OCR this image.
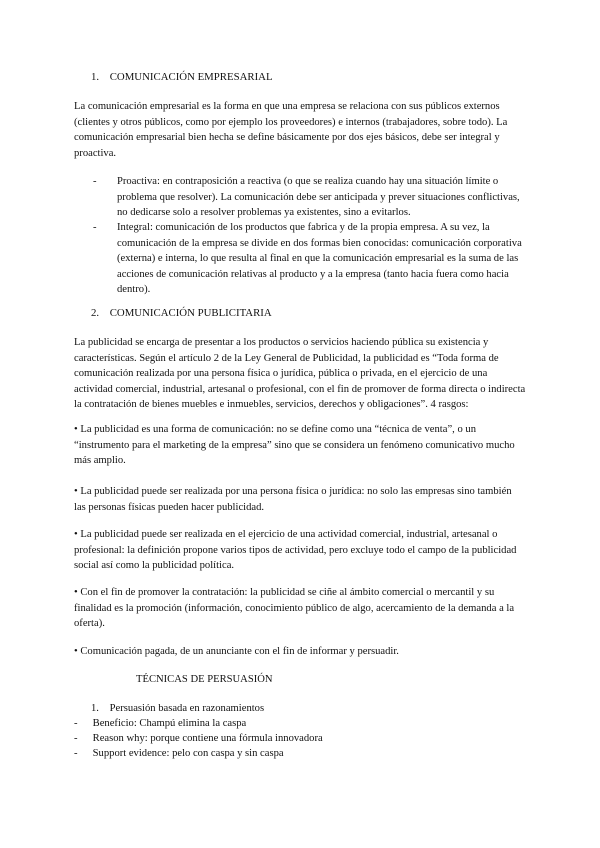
1. COMUNICACIÓN EMPRESARIAL

La comunicación empresarial es la forma en que una empresa se relaciona con sus públicos externos (clientes y otros públicos, como por ejemplo los proveedores) e internos (trabajadores, sobre todo). La comunicación empresarial bien hecha se define básicamente por dos ejes básicos, debe ser integral y proactiva.

- Proactiva: en contraposición a reactiva (o que se realiza cuando hay una situación límite o problema que resolver). La comunicación debe ser anticipada y prever situaciones conflictivas, no dedicarse solo a resolver problemas ya existentes, sino a evitarlos.

- Integral: comunicación de los productos que fabrica y de la propia empresa. A su vez, la comunicación de la empresa se divide en dos formas bien conocidas: comunicación corporativa (externa) e interna, lo que resulta al final en que la comunicación empresarial es la suma de las acciones de comunicación relativas al producto y a la empresa (tanto hacia fuera como hacia dentro).

2. COMUNICACIÓN PUBLICITARIA

La publicidad se encarga de presentar a los productos o servicios haciendo pública su existencia y características. Según el artículo 2 de la Ley General de Publicidad, la publicidad es “Toda forma de comunicación realizada por una persona física o jurídica, pública o privada, en el ejercicio de una actividad comercial, industrial, artesanal o profesional, con el fin de promover de forma directa o indirecta la contratación de bienes muebles e inmuebles, servicios, derechos y obligaciones”. 4 rasgos:

• La publicidad es una forma de comunicación: no se define como una “técnica de venta”, o un “instrumento para el marketing de la empresa” sino que se considera un fenómeno comunicativo mucho más amplio.

• La publicidad puede ser realizada por una persona física o jurídica: no solo las empresas sino también las personas físicas pueden hacer publicidad.

• La publicidad puede ser realizada en el ejercicio de una actividad comercial, industrial, artesanal o profesional: la definición propone varios tipos de actividad, pero excluye todo el campo de la publicidad social así como la publicidad política.

• Con el fin de promover la contratación: la publicidad se ciñe al ámbito comercial o mercantil y su finalidad es la promoción (información, conocimiento público de algo, acercamiento de la demanda a la oferta).

• Comunicación pagada, de un anunciante con el fin de informar y persuadir.

TÉCNICAS DE PERSUASIÓN

1. Persuasión basada en razonamientos

- Beneficio: Champú elimina la caspa

- Reason why: porque contiene una fórmula innovadora

- Support evidence: pelo con caspa y sin caspa
